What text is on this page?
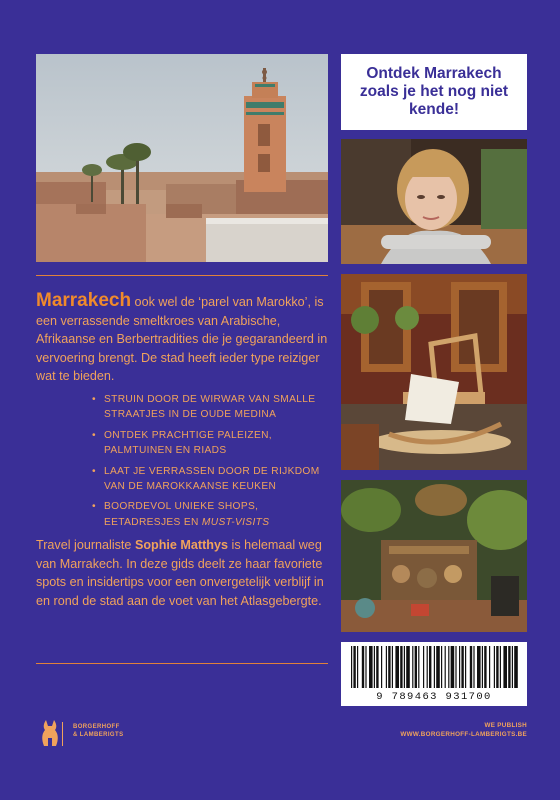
Ontdek Marrakech zoals je het nog niet kende!
Marrakech ook wel de ‘parel van Marokko’, is een verrassende smeltkroes van Arabische, Afrikaanse en Berbertradities die je gegarandeerd in vervoering brengt. De stad heeft ieder type reiziger wat te bieden.
• STRUIN DOOR DE WIRWAR VAN SMALLE STRAATJES IN DE OUDE MEDINA
• ONTDEK PRACHTIGE PALEIZEN, PALMTUINEN EN RIADS
• LAAT JE VERRASSEN DOOR DE RIJKDOM VAN DE MAROKKAANSE KEUKEN
• BOORDEVOL UNIEKE SHOPS, EETADRESJES EN MUST-VISITS
Travel journaliste Sophie Matthys is helemaal weg van Marrakech. In deze gids deelt ze haar favoriete spots en insidertips voor een onvergetelijk verblijf in en rond de stad aan de voet van het Atlasgebergte.
9 789463 931700
BORGERHOFF
& LAMBERIGTS
WE PUBLISH
WWW.BORGERHOFF-LAMBERIGTS.BE
